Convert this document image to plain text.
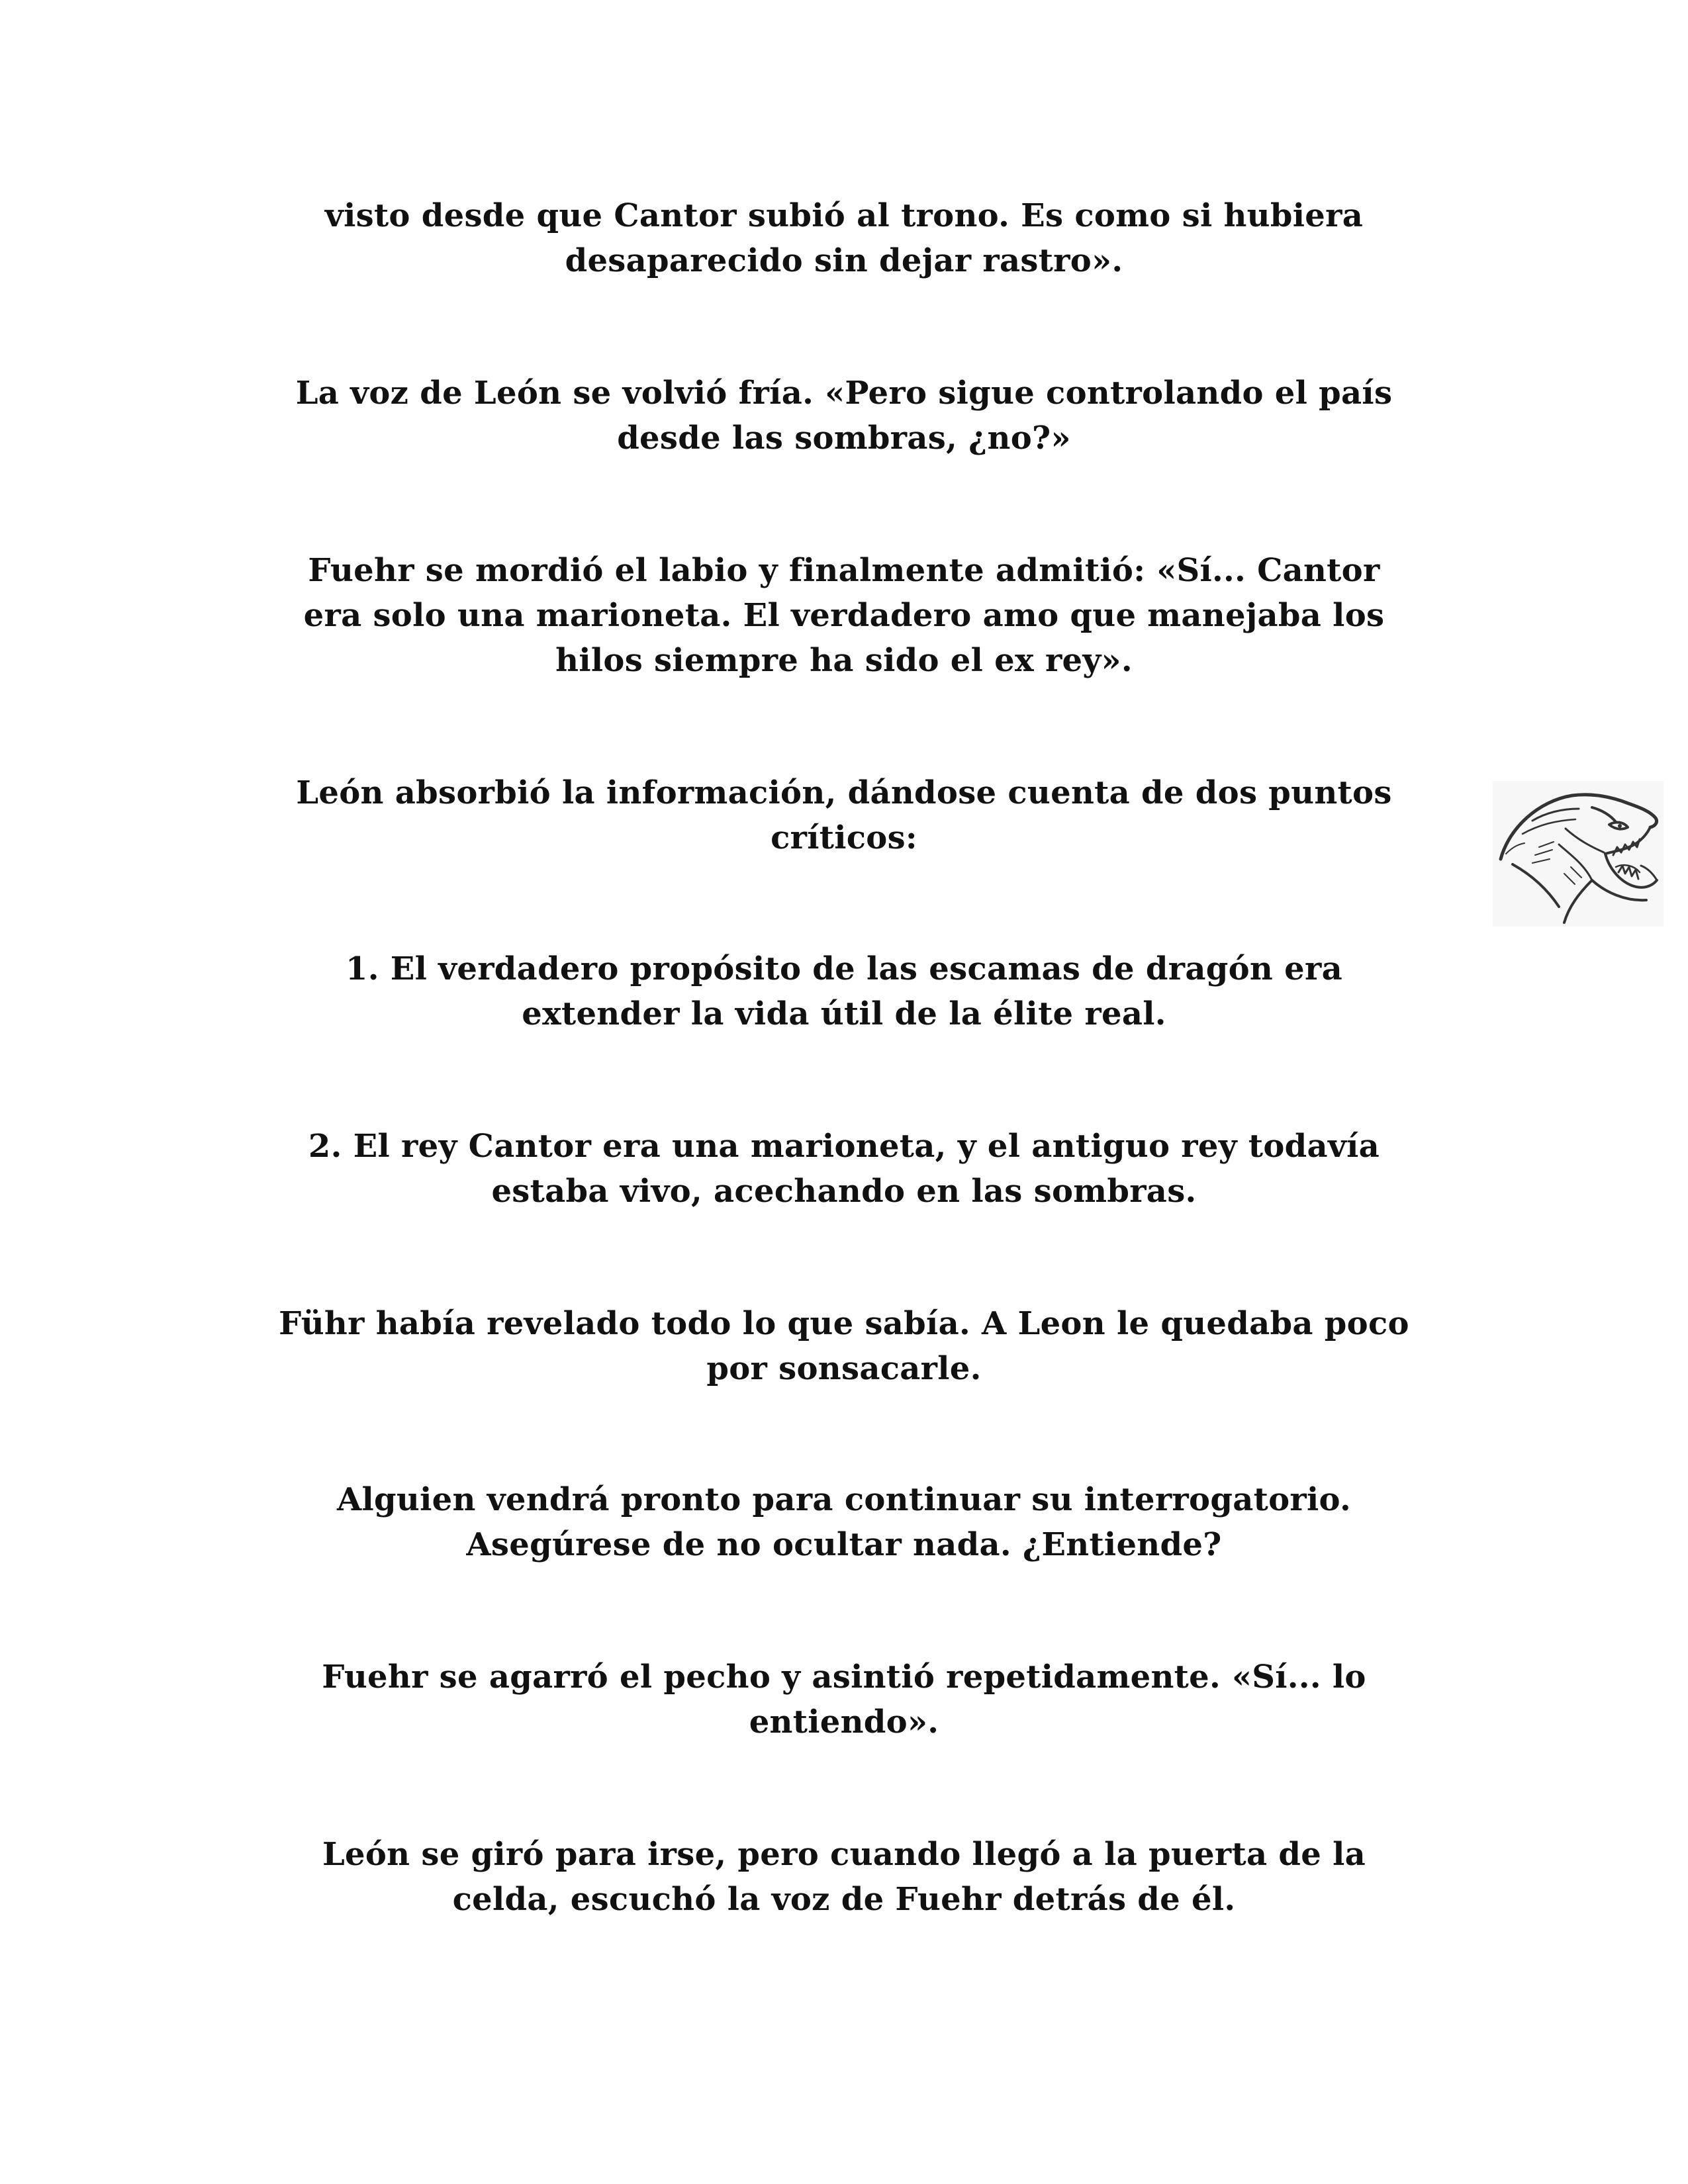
visto desde que Cantor subió al trono. Es como si hubiera
desaparecido sin dejar rastro».

La voz de León se volvió fría. «Pero sigue controlando el país
desde las sombras, ¿no?»

Fuehr se mordió el labio y finalmente admitió: «Sí... Cantor
era solo una marioneta. El verdadero amo que manejaba los
hilos siempre ha sido el ex rey».

León absorbió la información, dándose cuenta de dos puntos
críticos:

1. El verdadero propósito de las escamas de dragón era
extender la vida útil de la élite real.

2. El rey Cantor era una marioneta, y el antiguo rey todavía
estaba vivo, acechando en las sombras.

Führ había revelado todo lo que sabía. A Leon le quedaba poco
por sonsacarle.

Alguien vendrá pronto para continuar su interrogatorio.
Asegúrese de no ocultar nada. ¿Entiende?

Fuehr se agarró el pecho y asintió repetidamente. «Sí... lo
entiendo».

León se giró para irse, pero cuando llegó a la puerta de la
celda, escuchó la voz de Fuehr detrás de él.
